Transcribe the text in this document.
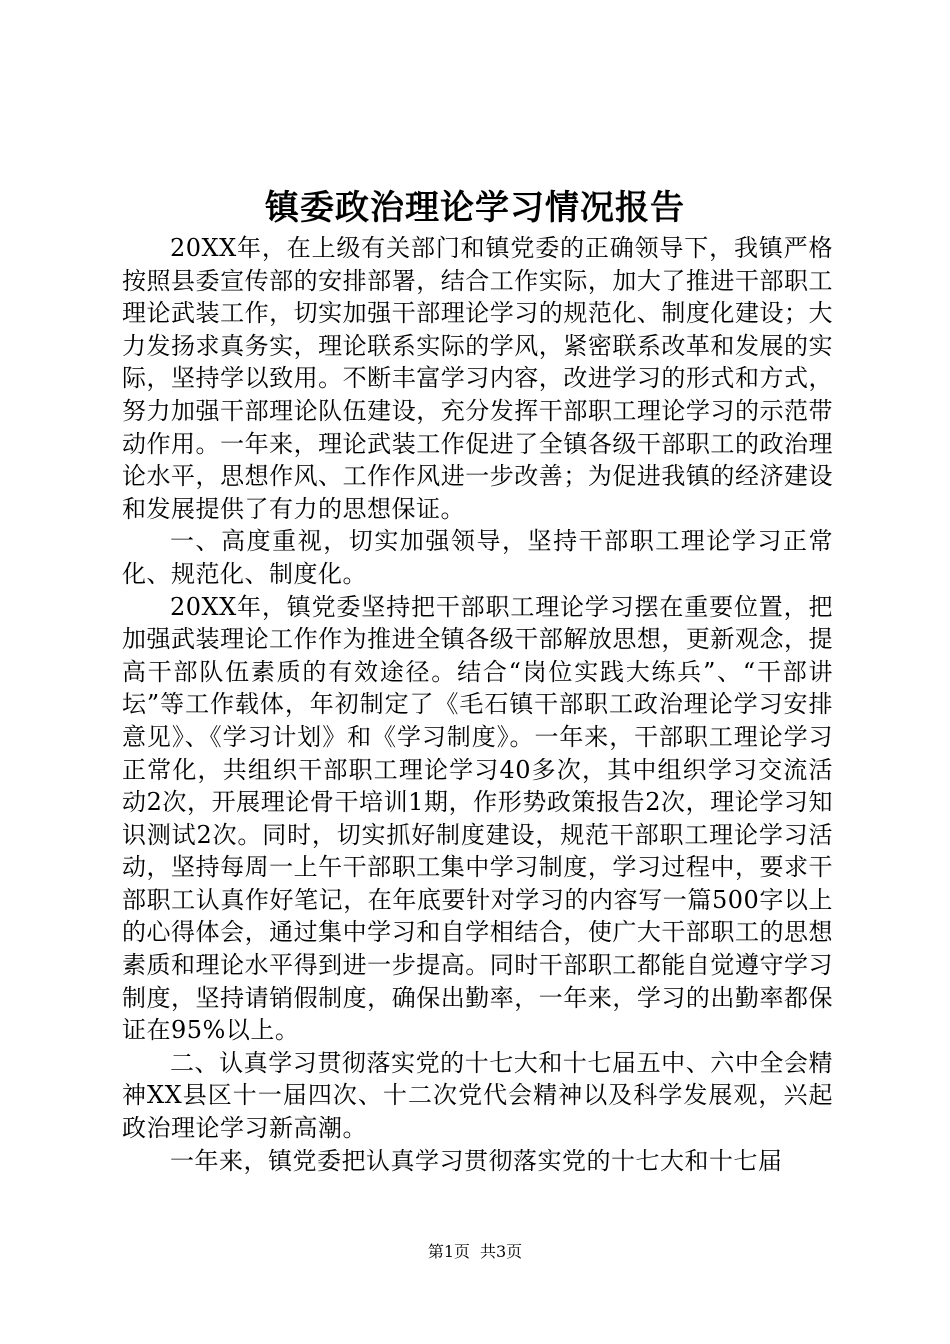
镇委政治理论学习情况报告

20XX年，在上级有关部门和镇党委的正确领导下，我镇严格按照县委宣传部的安排部署，结合工作实际，加大了推进干部职工理论武装工作，切实加强干部理论学习的规范化、制度化建设；大力发扬求真务实，理论联系实际的学风，紧密联系改革和发展的实际，坚持学以致用。不断丰富学习内容，改进学习的形式和方式，努力加强干部理论队伍建设，充分发挥干部职工理论学习的示范带动作用。一年来，理论武装工作促进了全镇各级干部职工的政治理论水平，思想作风、工作作风进一步改善；为促进我镇的经济建设和发展提供了有力的思想保证。

一、高度重视，切实加强领导，坚持干部职工理论学习正常化、规范化、制度化。

20XX年，镇党委坚持把干部职工理论学习摆在重要位置，把加强武装理论工作作为推进全镇各级干部解放思想，更新观念，提高干部队伍素质的有效途径。结合“岗位实践大练兵”、“干部讲坛”等工作载体，年初制定了《毛石镇干部职工政治理论学习安排意见》、《学习计划》和《学习制度》。一年来，干部职工理论学习正常化，共组织干部职工理论学习40多次，其中组织学习交流活动2次，开展理论骨干培训1期，作形势政策报告2次，理论学习知识测试2次。同时，切实抓好制度建设，规范干部职工理论学习活动，坚持每周一上午干部职工集中学习制度，学习过程中，要求干部职工认真作好笔记，在年底要针对学习的内容写一篇500字以上的心得体会，通过集中学习和自学相结合，使广大干部职工的思想素质和理论水平得到进一步提高。同时干部职工都能自觉遵守学习制度，坚持请销假制度，确保出勤率，一年来，学习的出勤率都保证在95%以上。

二、认真学习贯彻落实党的十七大和十七届五中、六中全会精神XX县区十一届四次、十二次党代会精神以及科学发展观，兴起政治理论学习新高潮。

一年来，镇党委把认真学习贯彻落实党的十七大和十七届

第1页 共3页
